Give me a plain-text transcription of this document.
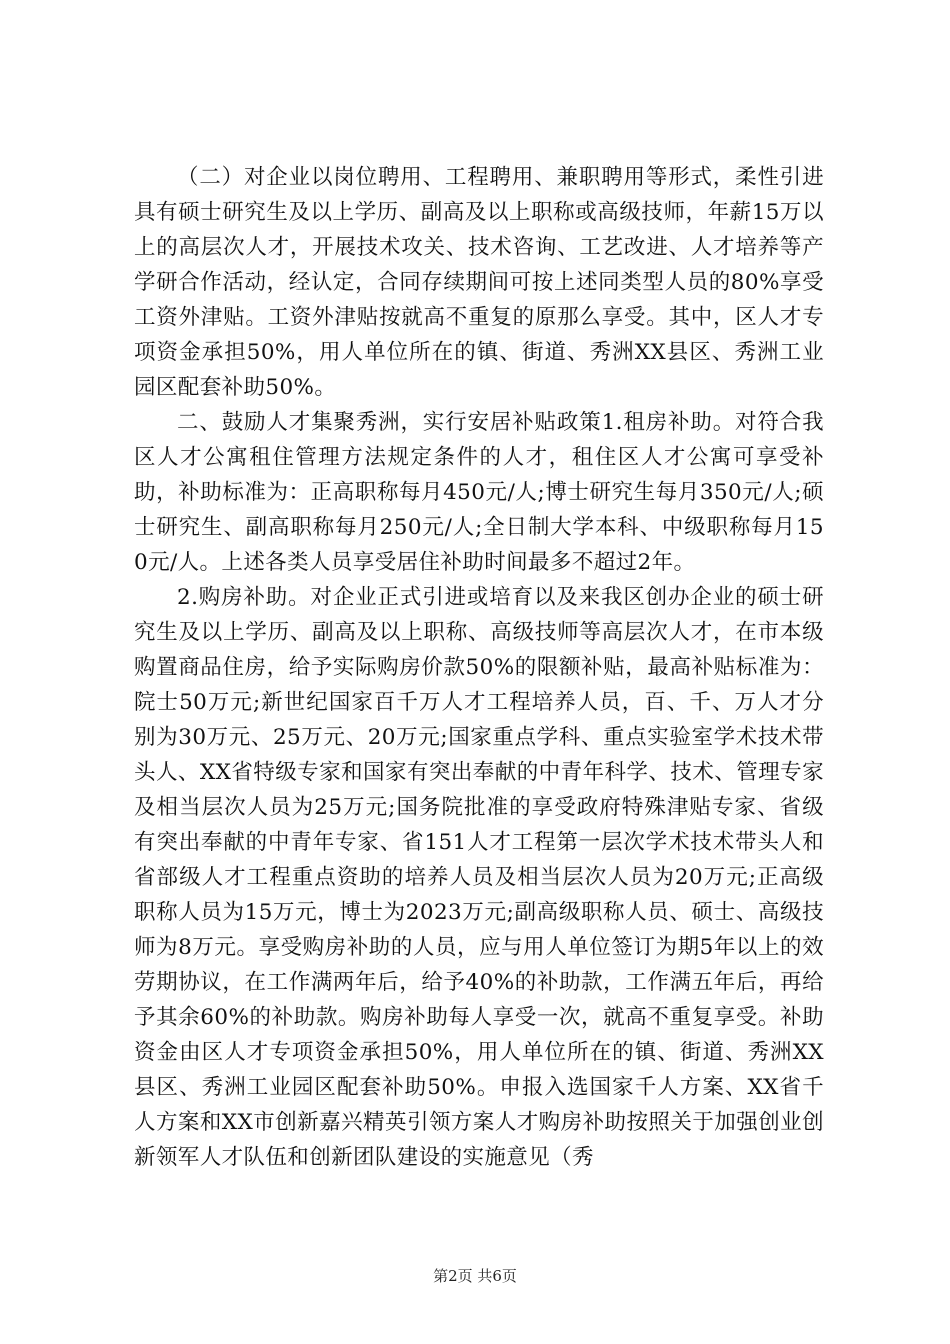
（二）对企业以岗位聘用、工程聘用、兼职聘用等形式，柔性引进具有硕士研究生及以上学历、副高及以上职称或高级技师，年薪15万以上的高层次人才，开展技术攻关、技术咨询、工艺改进、人才培养等产学研合作活动，经认定，合同存续期间可按上述同类型人员的80%享受工资外津贴。工资外津贴按就高不重复的原那么享受。其中，区人才专项资金承担50%，用人单位所在的镇、街道、秀洲XX县区、秀洲工业园区配套补助50%。

二、鼓励人才集聚秀洲，实行安居补贴政策1.租房补助。对符合我区人才公寓租住管理方法规定条件的人才，租住区人才公寓可享受补助，补助标准为：正高职称每月450元/人;博士研究生每月350元/人;硕士研究生、副高职称每月250元/人;全日制大学本科、中级职称每月150元/人。上述各类人员享受居住补助时间最多不超过2年。

2.购房补助。对企业正式引进或培育以及来我区创办企业的硕士研究生及以上学历、副高及以上职称、高级技师等高层次人才，在市本级购置商品住房，给予实际购房价款50%的限额补贴，最高补贴标准为：院士50万元;新世纪国家百千万人才工程培养人员，百、千、万人才分别为30万元、25万元、20万元;国家重点学科、重点实验室学术技术带头人、XX省特级专家和国家有突出奉献的中青年科学、技术、管理专家及相当层次人员为25万元;国务院批准的享受政府特殊津贴专家、省级有突出奉献的中青年专家、省151人才工程第一层次学术技术带头人和省部级人才工程重点资助的培养人员及相当层次人员为20万元;正高级职称人员为15万元，博士为2023万元;副高级职称人员、硕士、高级技师为8万元。享受购房补助的人员，应与用人单位签订为期5年以上的效劳期协议，在工作满两年后，给予40%的补助款，工作满五年后，再给予其余60%的补助款。购房补助每人享受一次，就高不重复享受。补助资金由区人才专项资金承担50%，用人单位所在的镇、街道、秀洲XX县区、秀洲工业园区配套补助50%。申报入选国家千人方案、XX省千人方案和XX市创新嘉兴精英引领方案人才购房补助按照关于加强创业创新领军人才队伍和创新团队建设的实施意见（秀

第2页 共6页
